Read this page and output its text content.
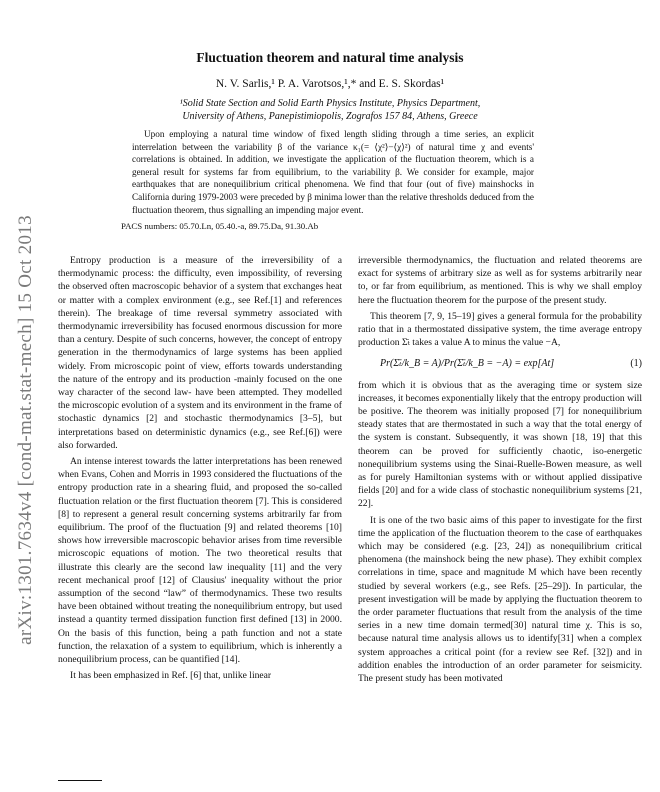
arXiv:1301.7634v4 [cond-mat.stat-mech] 15 Oct 2013
Fluctuation theorem and natural time analysis
N. V. Sarlis,¹ P. A. Varotsos,¹,* and E. S. Skordas¹
¹Solid State Section and Solid Earth Physics Institute, Physics Department,
University of Athens, Panepistimiopolis, Zografos 157 84, Athens, Greece
Upon employing a natural time window of fixed length sliding through a time series, an explicit interrelation between the variability β of the variance κ₁(= ⟨χ²⟩−⟨χ⟩²) of natural time χ and events' correlations is obtained. In addition, we investigate the application of the fluctuation theorem, which is a general result for systems far from equilibrium, to the variability β. We consider for example, major earthquakes that are nonequilibrium critical phenomena. We find that four (out of five) mainshocks in California during 1979-2003 were preceded by β minima lower than the relative thresholds deduced from the fluctuation theorem, thus signalling an impending major event.
PACS numbers: 05.70.Ln, 05.40.-a, 89.75.Da, 91.30.Ab

Entropy production is a measure of the irreversibility of a thermodynamic process: the difficulty, even impossibility, of reversing the observed often macroscopic behavior of a system that exchanges heat or matter with a complex environment (e.g., see Ref.[1] and references therein). The breakage of time reversal symmetry associated with thermodynamic irreversibility has focused enormous discussion for more than a century. Despite of such concerns, however, the concept of entropy generation in the thermodynamics of large systems has been applied widely. From microscopic point of view, efforts towards understanding the nature of the entropy and its production -mainly focused on the one way character of the second law- have been attempted. They modelled the microscopic evolution of a system and its environment in the frame of stochastic dynamics [2] and stochastic thermodynamics [3–5], but interpretations based on deterministic dynamics (e.g., see Ref.[6]) were also forwarded.

An intense interest towards the latter interpretations has been renewed when Evans, Cohen and Morris in 1993 considered the fluctuations of the entropy production rate in a shearing fluid, and proposed the so-called fluctuation relation or the first fluctuation theorem [7]. This is considered [8] to represent a general result concerning systems arbitrarily far from equilibrium. The proof of the fluctuation [9] and related theorems [10] shows how irreversible macroscopic behavior arises from time reversible microscopic equations of motion. The two theoretical results that illustrate this clearly are the second law inequality [11] and the very recent mechanical proof [12] of Clausius' inequality without the prior assumption of the second “law” of thermodynamics. These two results have been obtained without treating the nonequilibrium entropy, but used instead a quantity termed dissipation function first defined [13] in 2000. On the basis of this function, being a path function and not a state function, the relaxation of a system to equilibrium, which is inherently a nonequilibrium process, can be quantified [14].

It has been emphasized in Ref. [6] that, unlike linear

irreversible thermodynamics, the fluctuation and related theorems are exact for systems of arbitrary size as well as for systems arbitrarily near to, or far from equilibrium, as mentioned. This is why we shall employ here the fluctuation theorem for the purpose of the present study.

This theorem [7, 9, 15–19] gives a general formula for the probability ratio that in a thermostated dissipative system, the time average entropy production Σ̄ₜ takes a value A to minus the value −A,

Pr(Σ̄ₜ/k_B = A)/Pr(Σ̄ₜ/k_B = −A) = exp[At]	(1)

from which it is obvious that as the averaging time or system size increases, it becomes exponentially likely that the entropy production will be positive. The theorem was initially proposed [7] for nonequilibrium steady states that are thermostated in such a way that the total energy of the system is constant. Subsequently, it was shown [18, 19] that this theorem can be proved for sufficiently chaotic, iso-energetic nonequilibrium systems using the Sinai-Ruelle-Bowen measure, as well as for purely Hamiltonian systems with or without applied dissipative fields [20] and for a wide class of stochastic nonequilibrium systems [21, 22].

It is one of the two basic aims of this paper to investigate for the first time the application of the fluctuation theorem to the case of earthquakes which may be considered (e.g. [23, 24]) as nonequilibrium critical phenomena (the mainshock being the new phase). They exhibit complex correlations in time, space and magnitude M which have been recently studied by several workers (e.g., see Refs. [25–29]). In particular, the present investigation will be made by applying the fluctuation theorem to the order parameter fluctuations that result from the analysis of the time series in a new time domain termed[30] natural time χ. This is so, because natural time analysis allows us to identify[31] when a complex system approaches a critical point (for a review see Ref. [32]) and in addition enables the introduction of an order parameter for seismicity. The present study has been motivated
